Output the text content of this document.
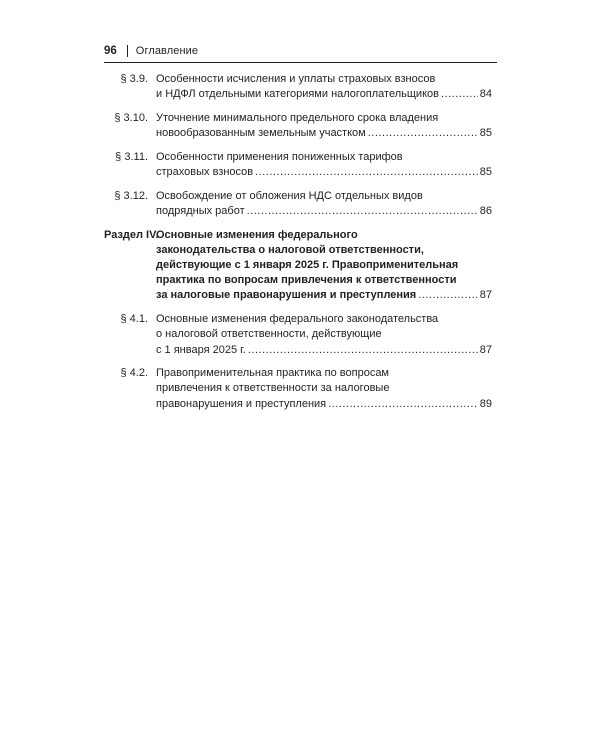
96 Оглавление
§ 3.9. Особенности исчисления и уплаты страховых взносов
и НДФЛ отдельными категориями налогоплательщиков .....	84
§ 3.10. Уточнение минимального предельного срока владения
новообразованным земельным участком .....	85
§ 3.11. Особенности применения пониженных тарифов
страховых взносов .....	85
§ 3.12. Освобождение от обложения НДС отдельных видов
подрядных работ .....	86
Раздел IV.
Основные изменения федерального
законодательства о налоговой ответственности,
действующие с 1 января 2025 г. Правоприменительная
практика по вопросам привлечения к ответственности
за налоговые правонарушения и преступления .....	87
§ 4.1. Основные изменения федерального законодательства
о налоговой ответственности, действующие
с 1 января 2025 г. .....	87
§ 4.2. Правоприменительная практика по вопросам
привлечения к ответственности за налоговые
правонарушения и преступления .....	89
